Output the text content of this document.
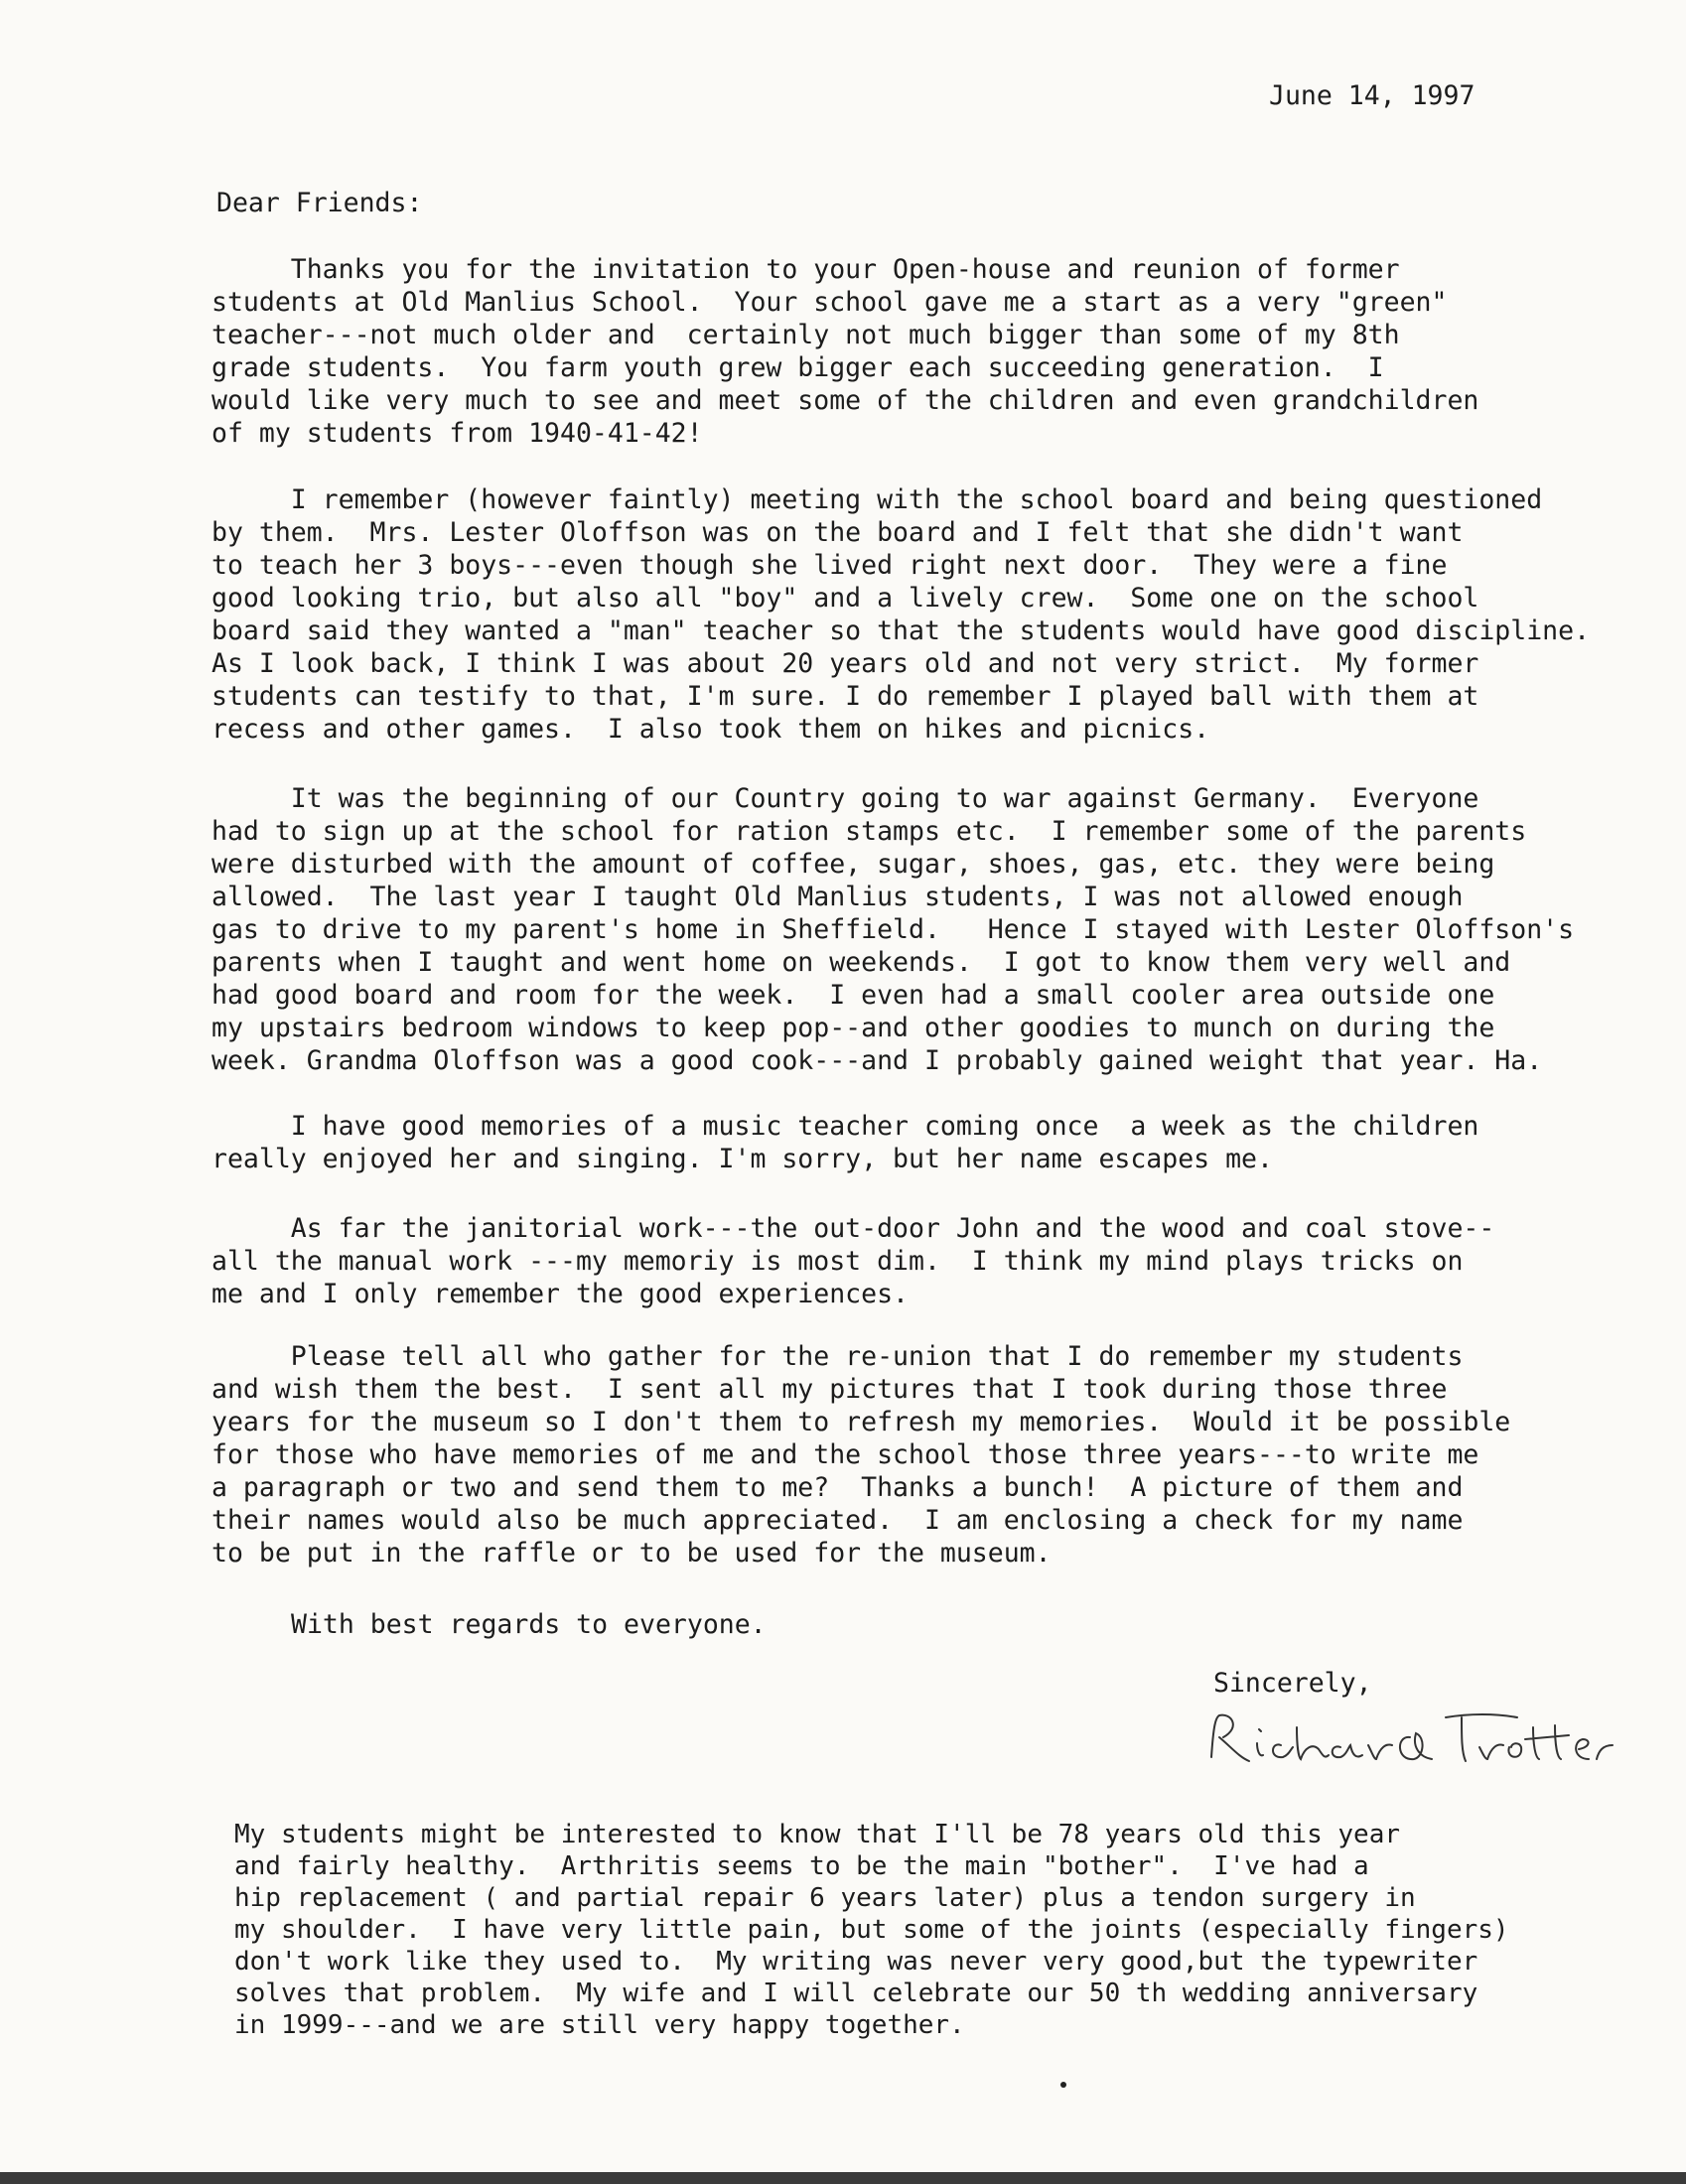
June 14, 1997
Dear Friends:
Thanks you for the invitation to your Open-house and reunion of former
students at Old Manlius School.  Your school gave me a start as a very "green"
teacher---not much older and  certainly not much bigger than some of my 8th
grade students.  You farm youth grew bigger each succeeding generation.  I
would like very much to see and meet some of the children and even grandchildren
of my students from 1940-41-42!
I remember (however faintly) meeting with the school board and being questioned
by them.  Mrs. Lester Oloffson was on the board and I felt that she didn't want
to teach her 3 boys---even though she lived right next door.  They were a fine
good looking trio, but also all "boy" and a lively crew.  Some one on the school
board said they wanted a "man" teacher so that the students would have good discipline.
As I look back, I think I was about 20 years old and not very strict.  My former
students can testify to that, I'm sure. I do remember I played ball with them at
recess and other games.  I also took them on hikes and picnics.
It was the beginning of our Country going to war against Germany.  Everyone
had to sign up at the school for ration stamps etc.  I remember some of the parents
were disturbed with the amount of coffee, sugar, shoes, gas, etc. they were being
allowed.  The last year I taught Old Manlius students, I was not allowed enough
gas to drive to my parent's home in Sheffield.   Hence I stayed with Lester Oloffson's
parents when I taught and went home on weekends.  I got to know them very well and
had good board and room for the week.  I even had a small cooler area outside one
my upstairs bedroom windows to keep pop--and other goodies to munch on during the
week. Grandma Oloffson was a good cook---and I probably gained weight that year. Ha.
I have good memories of a music teacher coming once  a week as the children
really enjoyed her and singing. I'm sorry, but her name escapes me.
As far the janitorial work---the out-door John and the wood and coal stove--
all the manual work ---my memoriy is most dim.  I think my mind plays tricks on
me and I only remember the good experiences.
Please tell all who gather for the re-union that I do remember my students
and wish them the best.  I sent all my pictures that I took during those three
years for the museum so I don't them to refresh my memories.  Would it be possible
for those who have memories of me and the school those three years---to write me
a paragraph or two and send them to me?  Thanks a bunch!  A picture of them and
their names would also be much appreciated.  I am enclosing a check for my name
to be put in the raffle or to be used for the museum.
With best regards to everyone.
Sincerely,
My students might be interested to know that I'll be 78 years old this year
and fairly healthy.  Arthritis seems to be the main "bother".  I've had a
hip replacement ( and partial repair 6 years later) plus a tendon surgery in
my shoulder.  I have very little pain, but some of the joints (especially fingers)
don't work like they used to.  My writing was never very good,but the typewriter
solves that problem.  My wife and I will celebrate our 50 th wedding anniversary
in 1999---and we are still very happy together.
